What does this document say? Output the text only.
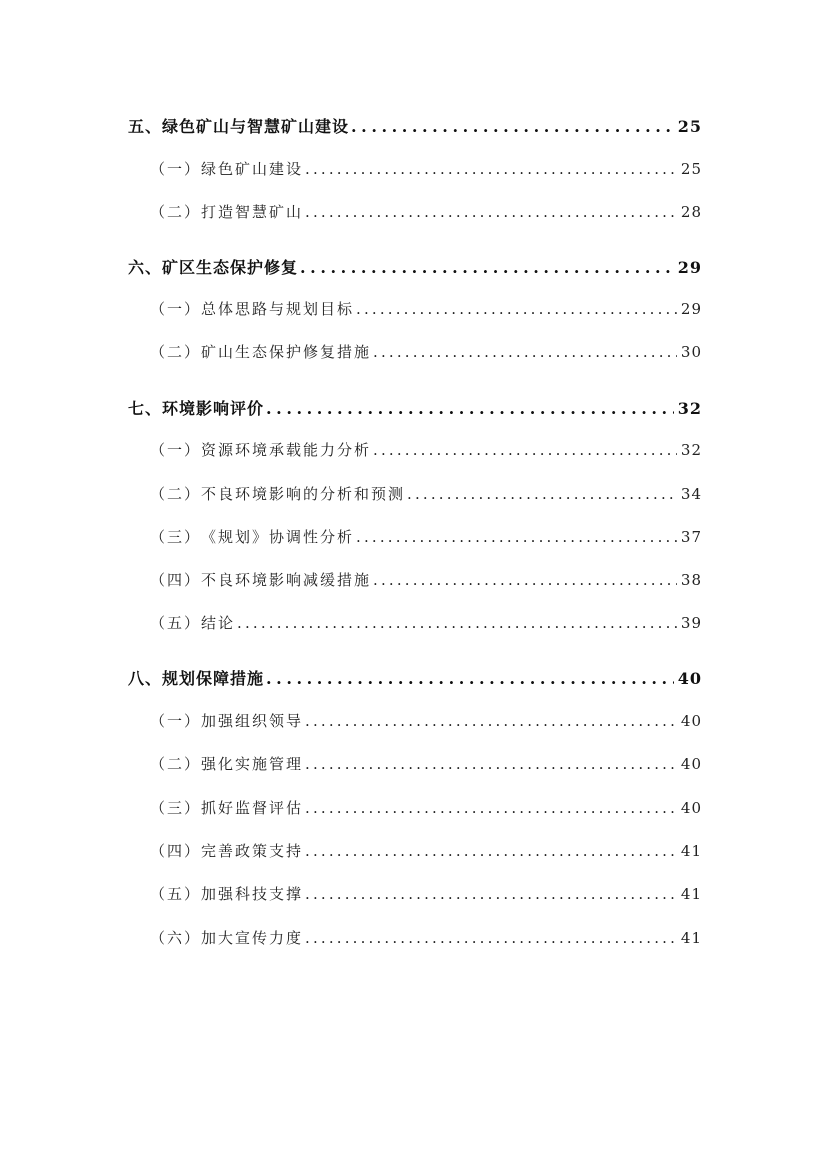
五、 绿色矿山与智慧矿山建设 . . .	25
（一） 绿色矿山建设 . . .	25
（二） 打造智慧矿山 . . .	28
六、 矿区生态保护修复 . . .	29
（一） 总体思路与规划目标 . . .	29
（二） 矿山生态保护修复措施 . . .	30
七、 环境影响评价 . . .	32
（一） 资源环境承载能力分析 . . .	32
（二） 不良环境影响的分析和预测 . . .	34
（三） 《规划》协调性分析 . . .	37
（四） 不良环境影响减缓措施 . . .	38
（五） 结论 . . .	39
八、 规划保障措施 . . .	40
（一） 加强组织领导 . . .	40
（二） 强化实施管理 . . .	40
（三） 抓好监督评估 . . .	40
（四） 完善政策支持 . . .	41
（五） 加强科技支撑 . . .	41
（六） 加大宣传力度 . . .	41
